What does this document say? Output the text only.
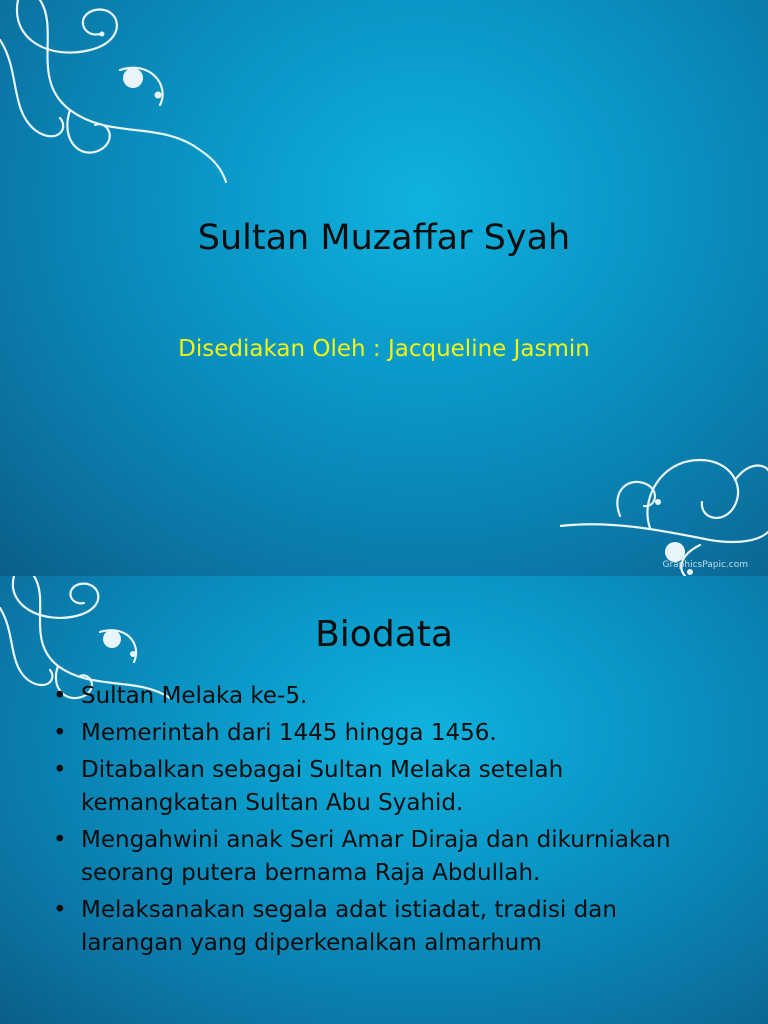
Sultan Muzaffar Syah
Disediakan Oleh : Jacqueline Jasmin
GraphicsPapic.com
Biodata
• Sultan Melaka ke-5.
• Memerintah dari 1445 hingga 1456.
• Ditabalkan sebagai Sultan Melaka setelah kemangkatan Sultan Abu Syahid.
• Mengahwini anak Seri Amar Diraja dan dikurniakan seorang putera bernama Raja Abdullah.
• Melaksanakan segala adat istiadat, tradisi dan larangan yang diperkenalkan almarhum
